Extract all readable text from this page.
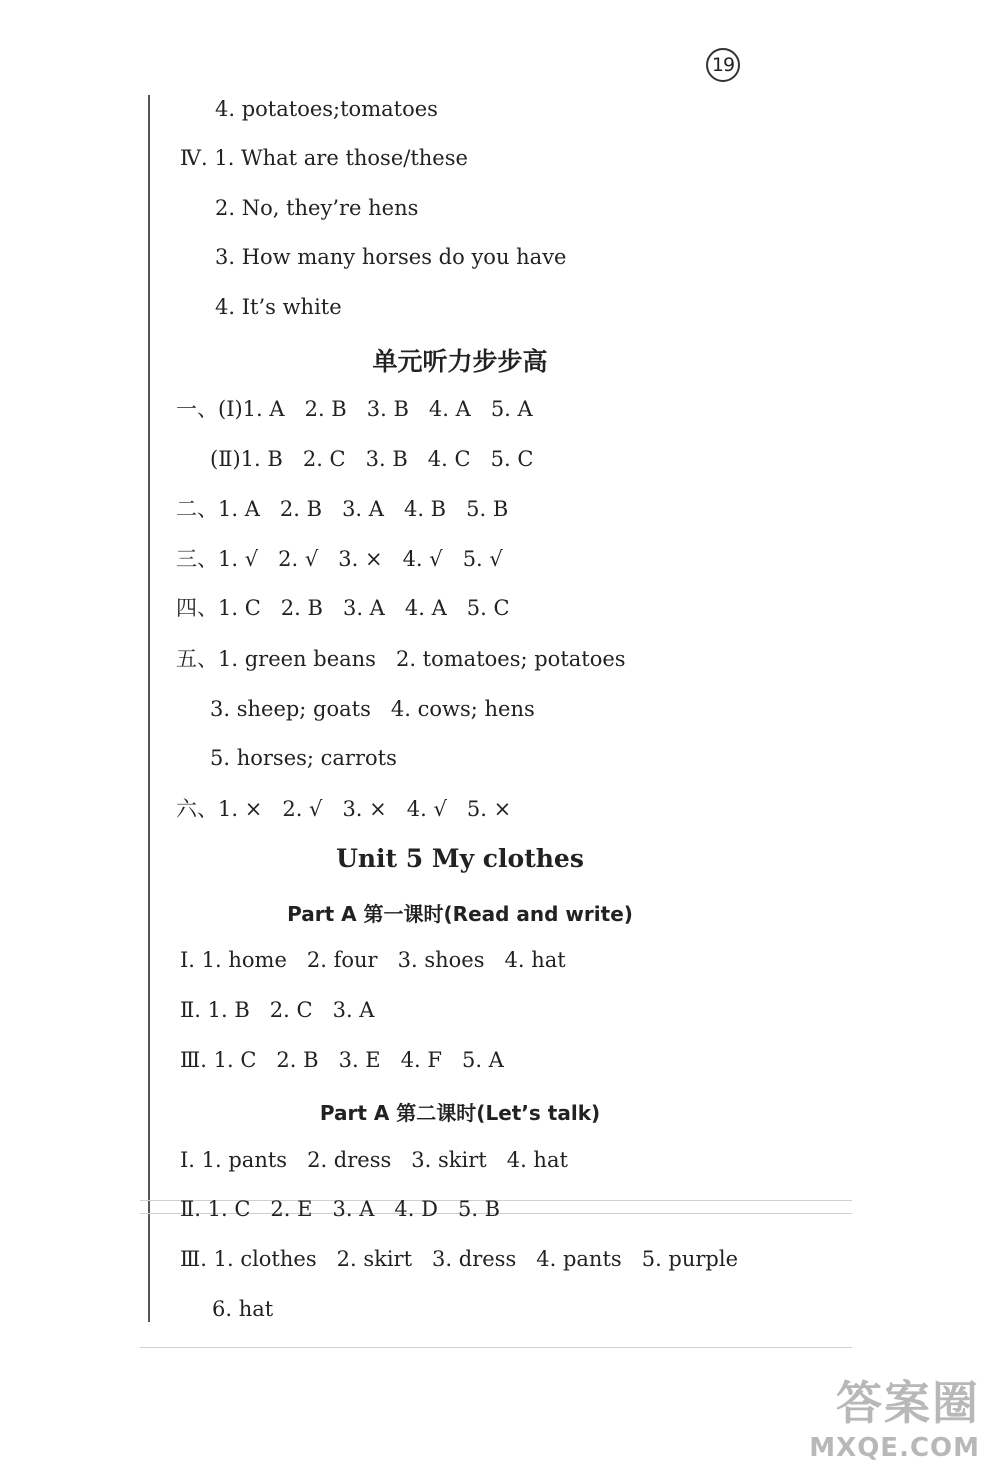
19
4. potatoes;tomatoes
Ⅳ. 1. What are those/these
2. No, they’re hens
3. How many horses do you have
4. It’s white
单元听力步步高
一、(Ⅰ)1. A   2. B   3. B   4. A   5. A
(Ⅱ)1. B   2. C   3. B   4. C   5. C
二、1. A   2. B   3. A   4. B   5. B
三、1. √   2. √   3. ×   4. √   5. √
四、1. C   2. B   3. A   4. A   5. C
五、1. green beans   2. tomatoes; potatoes
3. sheep; goats   4. cows; hens
5. horses; carrots
六、1. ×   2. √   3. ×   4. √   5. ×
Unit 5 My clothes
Part A 第一课时(Read and write)
Ⅰ. 1. home   2. four   3. shoes   4. hat
Ⅱ. 1. B   2. C   3. A
Ⅲ. 1. C   2. B   3. E   4. F   5. A
Part A 第二课时(Let’s talk)
Ⅰ. 1. pants   2. dress   3. skirt   4. hat
Ⅱ. 1. C   2. E   3. A   4. D   5. B
Ⅲ. 1. clothes   2. skirt   3. dress   4. pants   5. purple
6. hat
答案圈
MXQE.COM
